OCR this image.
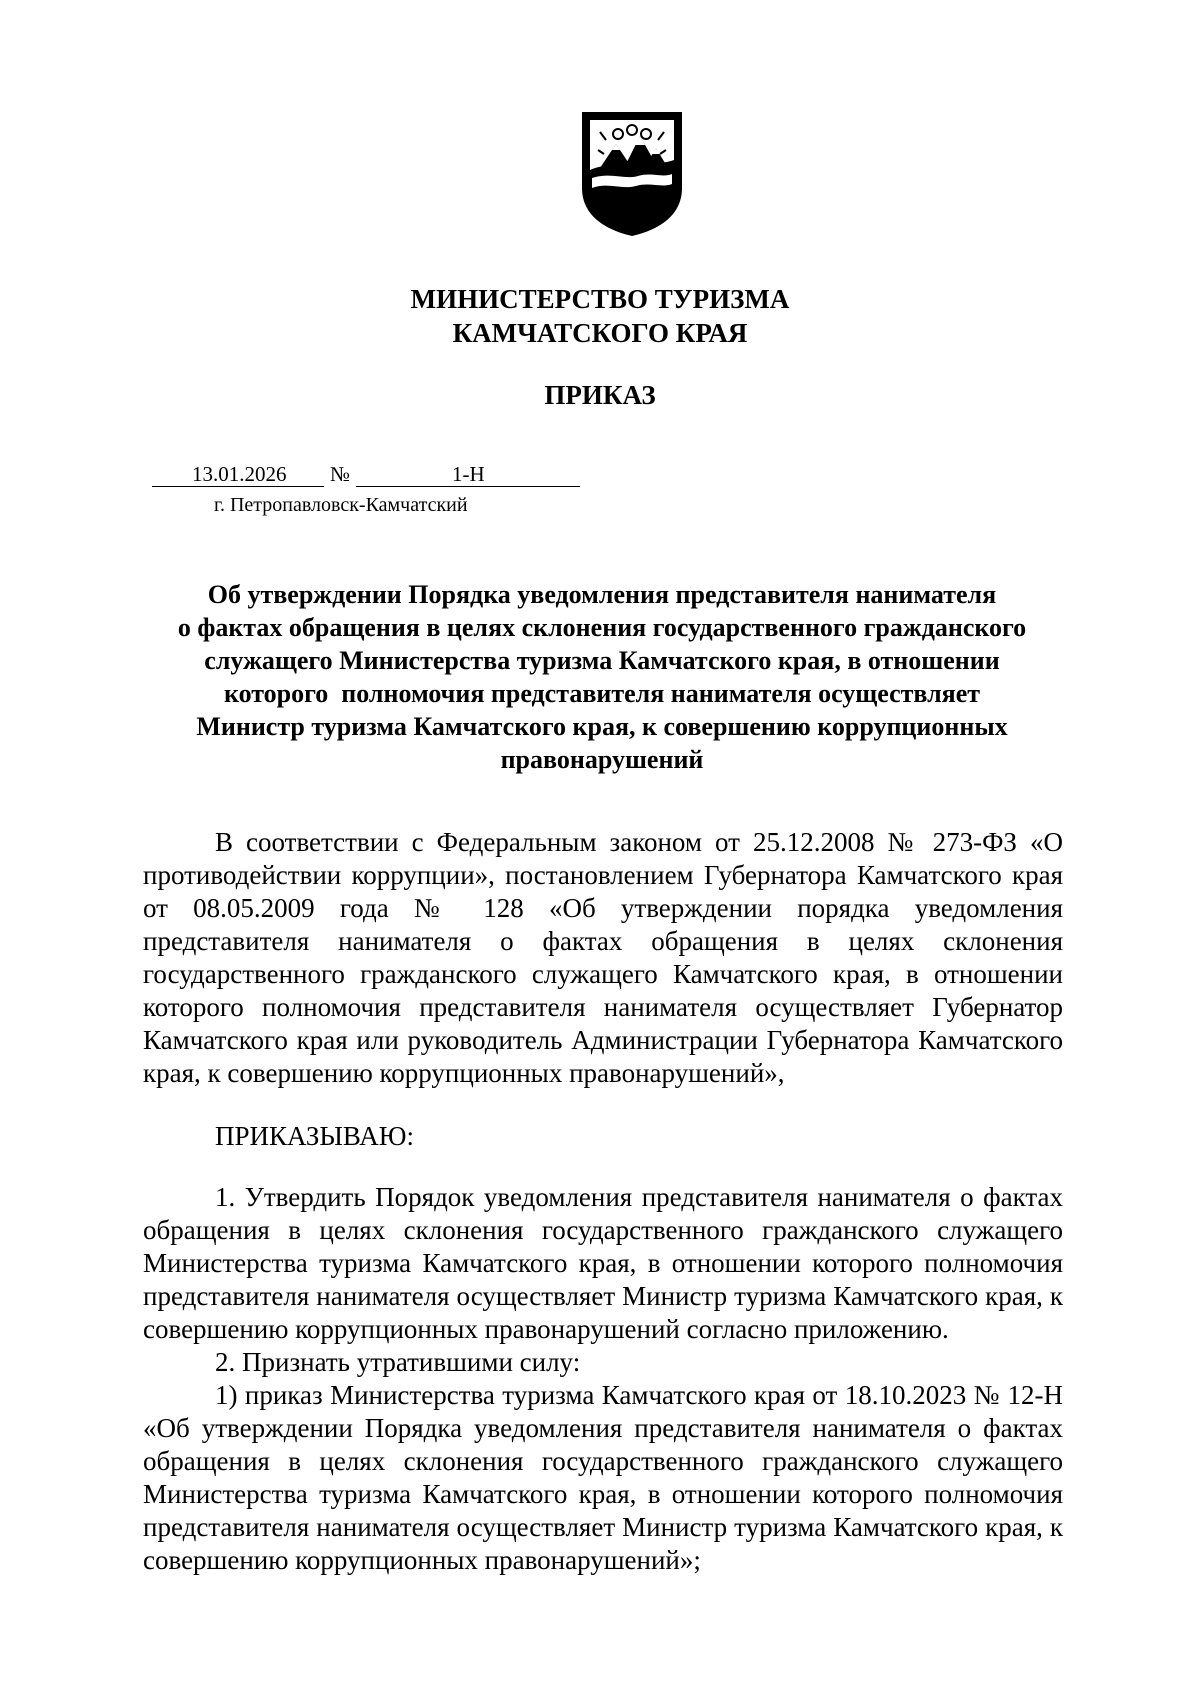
МИНИСТЕРСТВО ТУРИЗМА
КАМЧАТСКОГО КРАЯ
ПРИКАЗ
13.01.2026 №	1-Н
г. Петропавловск-Камчатский
Об утверждении Порядка уведомления представителя нанимателя
о фактах обращения в целях склонения государственного гражданского
служащего Министерства туризма Камчатского края, в отношении
которого  полномочия представителя нанимателя осуществляет
Министр туризма Камчатского края, к совершению коррупционных
правонарушений

В соответствии с Федеральным законом от 25.12.2008 № 273-ФЗ «О противодействии коррупции», постановлением Губернатора Камчатского края от 08.05.2009 года № 128 «Об утверждении порядка уведомления представителя нанимателя о фактах обращения в целях склонения государственного гражданского служащего Камчатского края, в отношении которого полномочия представителя нанимателя осуществляет Губернатор Камчатского края или руководитель Администрации Губернатора Камчатского края, к совершению коррупционных правонарушений»,

ПРИКАЗЫВАЮ:

1. Утвердить Порядок уведомления представителя нанимателя о фактах обращения в целях склонения государственного гражданского служащего Министерства туризма Камчатского края, в отношении которого полномочия представителя нанимателя осуществляет Министр туризма Камчатского края, к совершению коррупционных правонарушений согласно приложению.

2. Признать утратившими силу:

1) приказ Министерства туризма Камчатского края от 18.10.2023 № 12-Н «Об утверждении Порядка уведомления представителя нанимателя о фактах обращения в целях склонения государственного гражданского служащего Министерства туризма Камчатского края, в отношении которого полномочия представителя нанимателя осуществляет Министр туризма Камчатского края, к совершению коррупционных правонарушений»;
